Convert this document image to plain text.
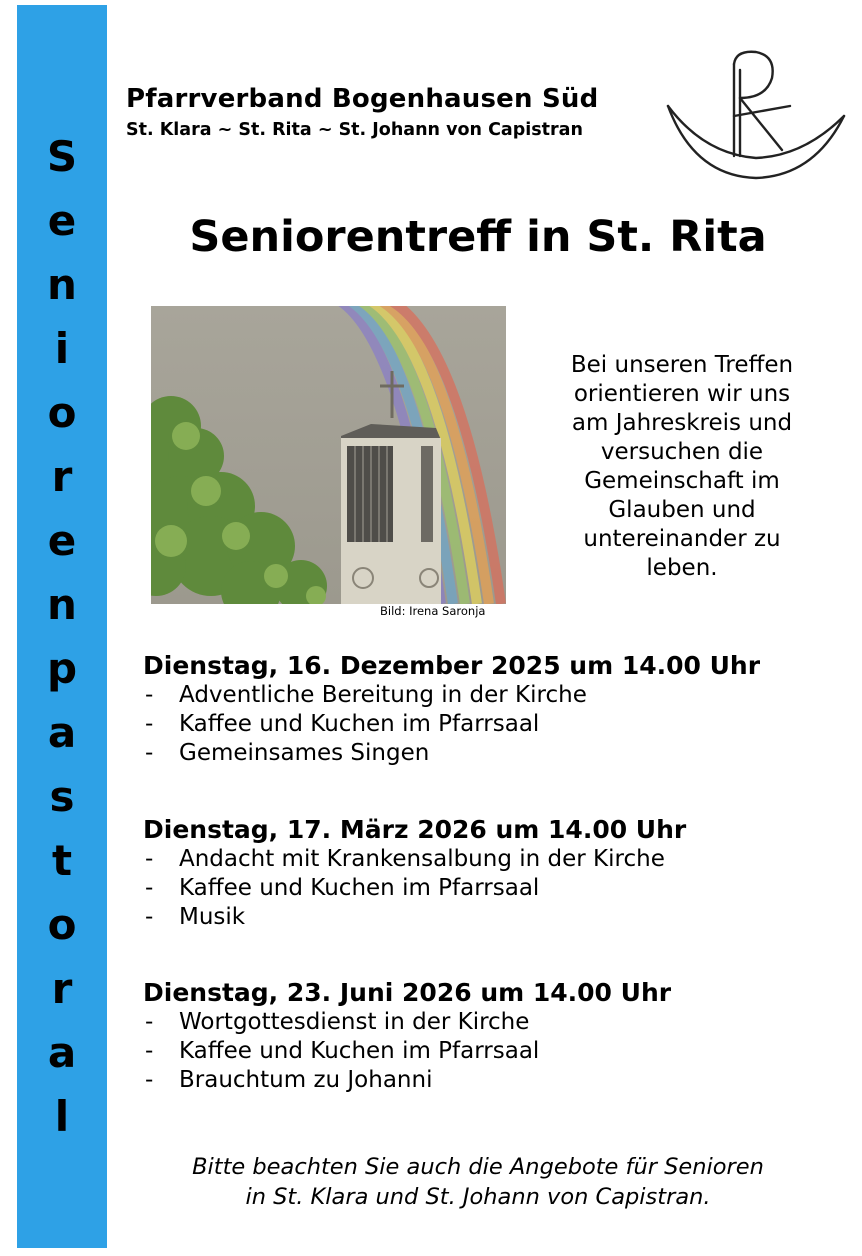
S
e
n
i
o
r
e
n
p
a
s
t
o
r
a
l
Pfarrverband Bogenhausen Süd
St. Klara ~ St. Rita ~ St. Johann von Capistran
Seniorentreff in St. Rita
Bild: Irena Saronja
Bei unseren Treffen
orientieren wir uns
am Jahreskreis und
versuchen die
Gemeinschaft im
Glauben und
untereinander zu
leben.
Dienstag, 16. Dezember 2025 um 14.00 Uhr
- Adventliche Bereitung in der Kirche
- Kaffee und Kuchen im Pfarrsaal
- Gemeinsames Singen
Dienstag, 17. März 2026 um 14.00 Uhr
- Andacht mit Krankensalbung in der Kirche
- Kaffee und Kuchen im Pfarrsaal
- Musik
Dienstag, 23. Juni 2026 um 14.00 Uhr
- Wortgottesdienst in der Kirche
- Kaffee und Kuchen im Pfarrsaal
- Brauchtum zu Johanni
Bitte beachten Sie auch die Angebote für Senioren
in St. Klara und St. Johann von Capistran.
